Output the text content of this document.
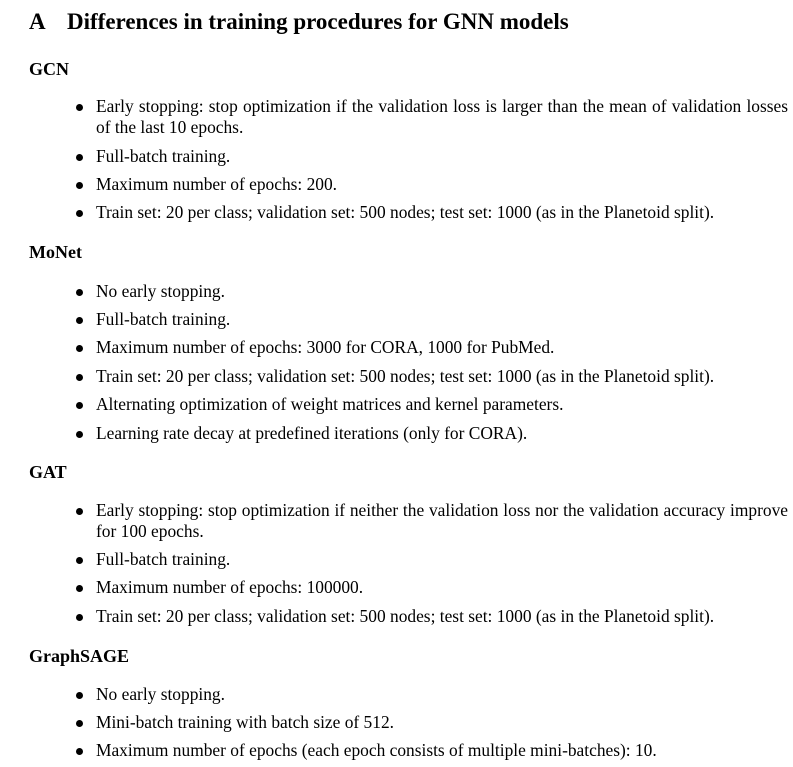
A Differences in training procedures for GNN models
GCN
Early stopping: stop optimization if the validation loss is larger than the mean of validation losses of the last 10 epochs.
Full-batch training.
Maximum number of epochs: 200.
Train set: 20 per class; validation set: 500 nodes; test set: 1000 (as in the Planetoid split).
MoNet
No early stopping.
Full-batch training.
Maximum number of epochs: 3000 for CORA, 1000 for PubMed.
Train set: 20 per class; validation set: 500 nodes; test set: 1000 (as in the Planetoid split).
Alternating optimization of weight matrices and kernel parameters.
Learning rate decay at predefined iterations (only for CORA).
GAT
Early stopping: stop optimization if neither the validation loss nor the validation accuracy improve for 100 epochs.
Full-batch training.
Maximum number of epochs: 100000.
Train set: 20 per class; validation set: 500 nodes; test set: 1000 (as in the Planetoid split).
GraphSAGE
No early stopping.
Mini-batch training with batch size of 512.
Maximum number of epochs (each epoch consists of multiple mini-batches): 10.
